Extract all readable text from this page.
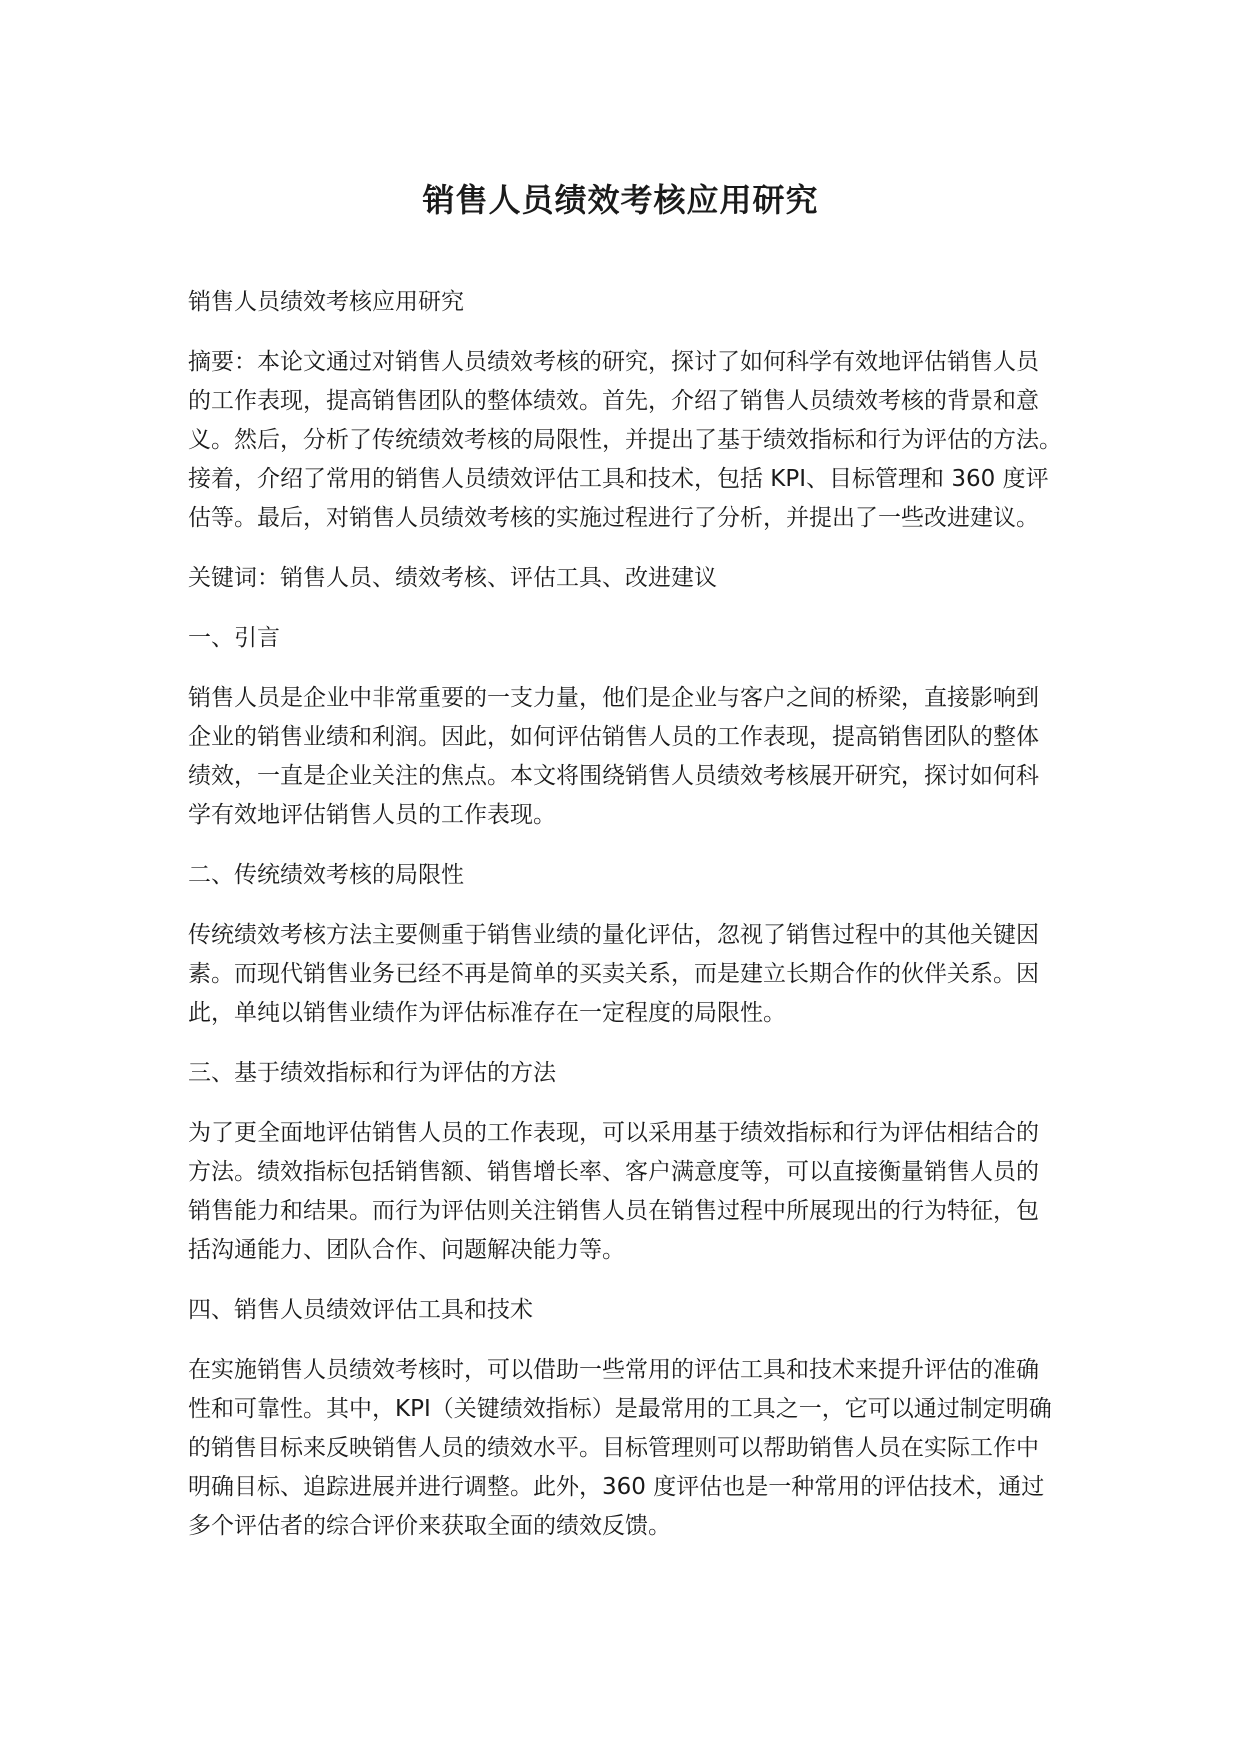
销售人员绩效考核应用研究

销售人员绩效考核应用研究

摘要：本论文通过对销售人员绩效考核的研究，探讨了如何科学有效地评估销售人员
的工作表现，提高销售团队的整体绩效。首先，介绍了销售人员绩效考核的背景和意
义。然后，分析了传统绩效考核的局限性，并提出了基于绩效指标和行为评估的方法。
接着，介绍了常用的销售人员绩效评估工具和技术，包括 KPI、目标管理和 360 度评
估等。最后，对销售人员绩效考核的实施过程进行了分析，并提出了一些改进建议。

关键词：销售人员、绩效考核、评估工具、改进建议

一、引言

销售人员是企业中非常重要的一支力量，他们是企业与客户之间的桥梁，直接影响到
企业的销售业绩和利润。因此，如何评估销售人员的工作表现，提高销售团队的整体
绩效，一直是企业关注的焦点。本文将围绕销售人员绩效考核展开研究，探讨如何科
学有效地评估销售人员的工作表现。

二、传统绩效考核的局限性

传统绩效考核方法主要侧重于销售业绩的量化评估，忽视了销售过程中的其他关键因
素。而现代销售业务已经不再是简单的买卖关系，而是建立长期合作的伙伴关系。因
此，单纯以销售业绩作为评估标准存在一定程度的局限性。

三、基于绩效指标和行为评估的方法

为了更全面地评估销售人员的工作表现，可以采用基于绩效指标和行为评估相结合的
方法。绩效指标包括销售额、销售增长率、客户满意度等，可以直接衡量销售人员的
销售能力和结果。而行为评估则关注销售人员在销售过程中所展现出的行为特征，包
括沟通能力、团队合作、问题解决能力等。

四、销售人员绩效评估工具和技术

在实施销售人员绩效考核时，可以借助一些常用的评估工具和技术来提升评估的准确
性和可靠性。其中，KPI（关键绩效指标）是最常用的工具之一，它可以通过制定明确
的销售目标来反映销售人员的绩效水平。目标管理则可以帮助销售人员在实际工作中
明确目标、追踪进展并进行调整。此外，360 度评估也是一种常用的评估技术，通过
多个评估者的综合评价来获取全面的绩效反馈。
